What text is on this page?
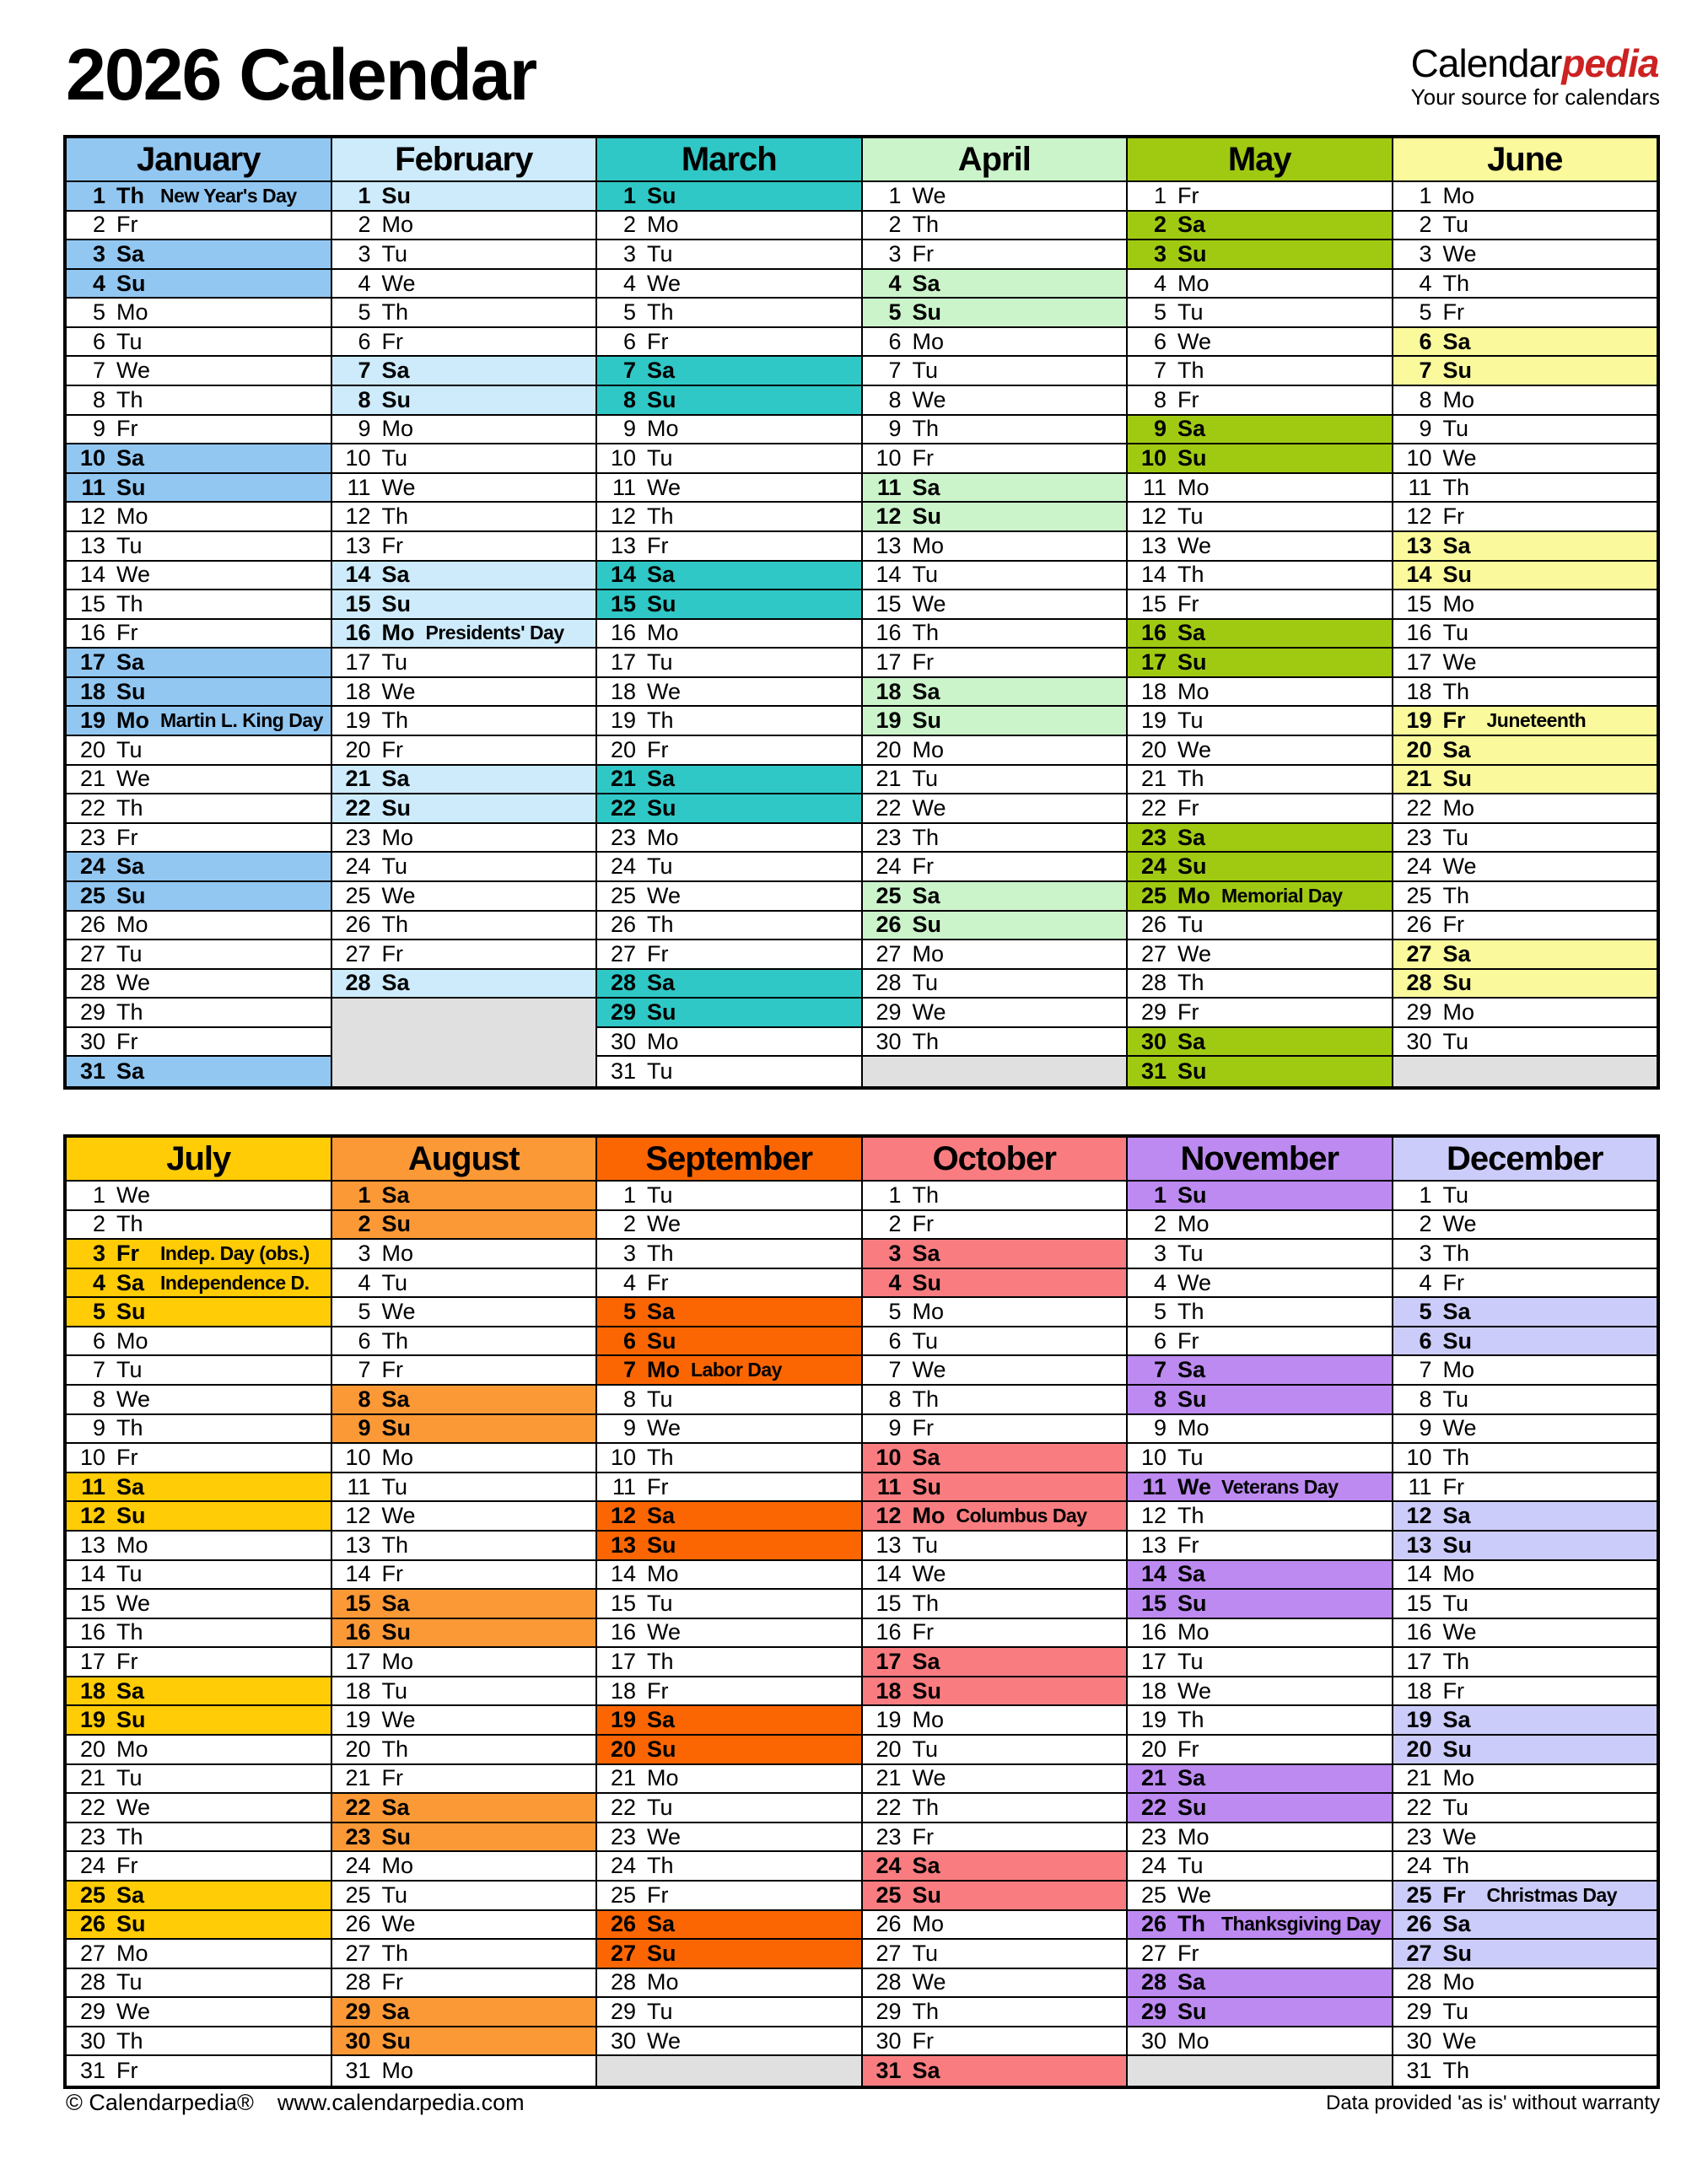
2026 Calendar	Calendarpedia
Your source for calendars
January
1 Th New Year's Day
2 Fr
3 Sa
4 Su
5 Mo
6 Tu
7 We
8 Th
9 Fr
10 Sa
11 Su
12 Mo
13 Tu
14 We
15 Th
16 Fr
17 Sa
18 Su
19 Mo Martin L. King Day
20 Tu
21 We
22 Th
23 Fr
24 Sa
25 Su
26 Mo
27 Tu
28 We
29 Th
30 Fr
31 Sa
February
1 Su
2 Mo
3 Tu
4 We
5 Th
6 Fr
7 Sa
8 Su
9 Mo
10 Tu
11 We
12 Th
13 Fr
14 Sa
15 Su
16 Mo Presidents' Day
17 Tu
18 We
19 Th
20 Fr
21 Sa
22 Su
23 Mo
24 Tu
25 We
26 Th
27 Fr
28 Sa
March
1 Su
2 Mo
3 Tu
4 We
5 Th
6 Fr
7 Sa
8 Su
9 Mo
10 Tu
11 We
12 Th
13 Fr
14 Sa
15 Su
16 Mo
17 Tu
18 We
19 Th
20 Fr
21 Sa
22 Su
23 Mo
24 Tu
25 We
26 Th
27 Fr
28 Sa
29 Su
30 Mo
31 Tu
April
1 We
2 Th
3 Fr
4 Sa
5 Su
6 Mo
7 Tu
8 We
9 Th
10 Fr
11 Sa
12 Su
13 Mo
14 Tu
15 We
16 Th
17 Fr
18 Sa
19 Su
20 Mo
21 Tu
22 We
23 Th
24 Fr
25 Sa
26 Su
27 Mo
28 Tu
29 We
30 Th
May
1 Fr
2 Sa
3 Su
4 Mo
5 Tu
6 We
7 Th
8 Fr
9 Sa
10 Su
11 Mo
12 Tu
13 We
14 Th
15 Fr
16 Sa
17 Su
18 Mo
19 Tu
20 We
21 Th
22 Fr
23 Sa
24 Su
25 Mo Memorial Day
26 Tu
27 We
28 Th
29 Fr
30 Sa
31 Su
June
1 Mo
2 Tu
3 We
4 Th
5 Fr
6 Sa
7 Su
8 Mo
9 Tu
10 We
11 Th
12 Fr
13 Sa
14 Su
15 Mo
16 Tu
17 We
18 Th
19 Fr	Juneteenth
20 Sa
21 Su
22 Mo
23 Tu
24 We
25 Th
26 Fr
27 Sa
28 Su
29 Mo
30 Tu
July
1 We
2 Th
3 Fr	Indep. Day (obs.)
4 Sa Independence D.
5 Su
6 Mo
7 Tu
8 We
9 Th
10 Fr
11 Sa
12 Su
13 Mo
14 Tu
15 We
16 Th
17 Fr
18 Sa
19 Su
20 Mo
21 Tu
22 We
23 Th
24 Fr
25 Sa
26 Su
27 Mo
28 Tu
29 We
30 Th
31 Fr
August
1 Sa
2 Su
3 Mo
4 Tu
5 We
6 Th
7 Fr
8 Sa
9 Su
10 Mo
11 Tu
12 We
13 Th
14 Fr
15 Sa
16 Su
17 Mo
18 Tu
19 We
20 Th
21 Fr
22 Sa
23 Su
24 Mo
25 Tu
26 We
27 Th
28 Fr
29 Sa
30 Su
31 Mo
September
1 Tu
2 We
3 Th
4 Fr
5 Sa
6 Su
7 Mo Labor Day
8 Tu
9 We
10 Th
11 Fr
12 Sa
13 Su
14 Mo
15 Tu
16 We
17 Th
18 Fr
19 Sa
20 Su
21 Mo
22 Tu
23 We
24 Th
25 Fr
26 Sa
27 Su
28 Mo
29 Tu
30 We
October
1 Th
2 Fr
3 Sa
4 Su
5 Mo
6 Tu
7 We
8 Th
9 Fr
10 Sa
11 Su
12 Mo Columbus Day
13 Tu
14 We
15 Th
16 Fr
17 Sa
18 Su
19 Mo
20 Tu
21 We
22 Th
23 Fr
24 Sa
25 Su
26 Mo
27 Tu
28 We
29 Th
30 Fr
31 Sa
November
1 Su
2 Mo
3 Tu
4 We
5 Th
6 Fr
7 Sa
8 Su
9 Mo
10 Tu
11 We Veterans Day
12 Th
13 Fr
14 Sa
15 Su
16 Mo
17 Tu
18 We
19 Th
20 Fr
21 Sa
22 Su
23 Mo
24 Tu
25 We
26 Th Thanksgiving Day
27 Fr
28 Sa
29 Su
30 Mo
December
1 Tu
2 We
3 Th
4 Fr
5 Sa
6 Su
7 Mo
8 Tu
9 We
10 Th
11 Fr
12 Sa
13 Su
14 Mo
15 Tu
16 We
17 Th
18 Fr
19 Sa
20 Su
21 Mo
22 Tu
23 We
24 Th
25 Fr	Christmas Day
26 Sa
27 Su
28 Mo
29 Tu
30 We
31 Th
© Calendarpedia® www.calendarpedia.com	Data provided 'as is' without warranty
